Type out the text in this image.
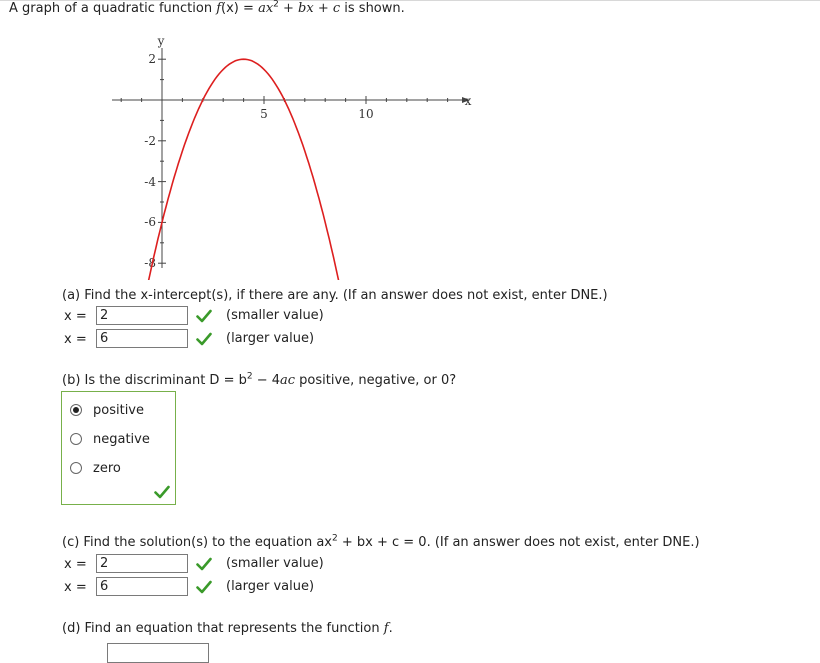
A graph of a quadratic function $f(x) = ax^2$ + bx + c is shown.
5	10
x
y
2
-2
-4
-6
-8
(a) Find the x-intercept(s), if there are any. (If an answer does not exist, enter DNE.)
x =	2	(smaller value)
x =	6	(larger value)
(b) Is the discriminant $D = b^2 - 4ac$ positive, negative, or 0?
positive
negative
zero
(c) Find the solution(s) to the equation $ax^2$ + bx + c = 0. (If an answer does not exist, enter DNE.)
x =	2	(smaller value)
x =	6	(larger value)
(d) Find an equation that represents the function f.
